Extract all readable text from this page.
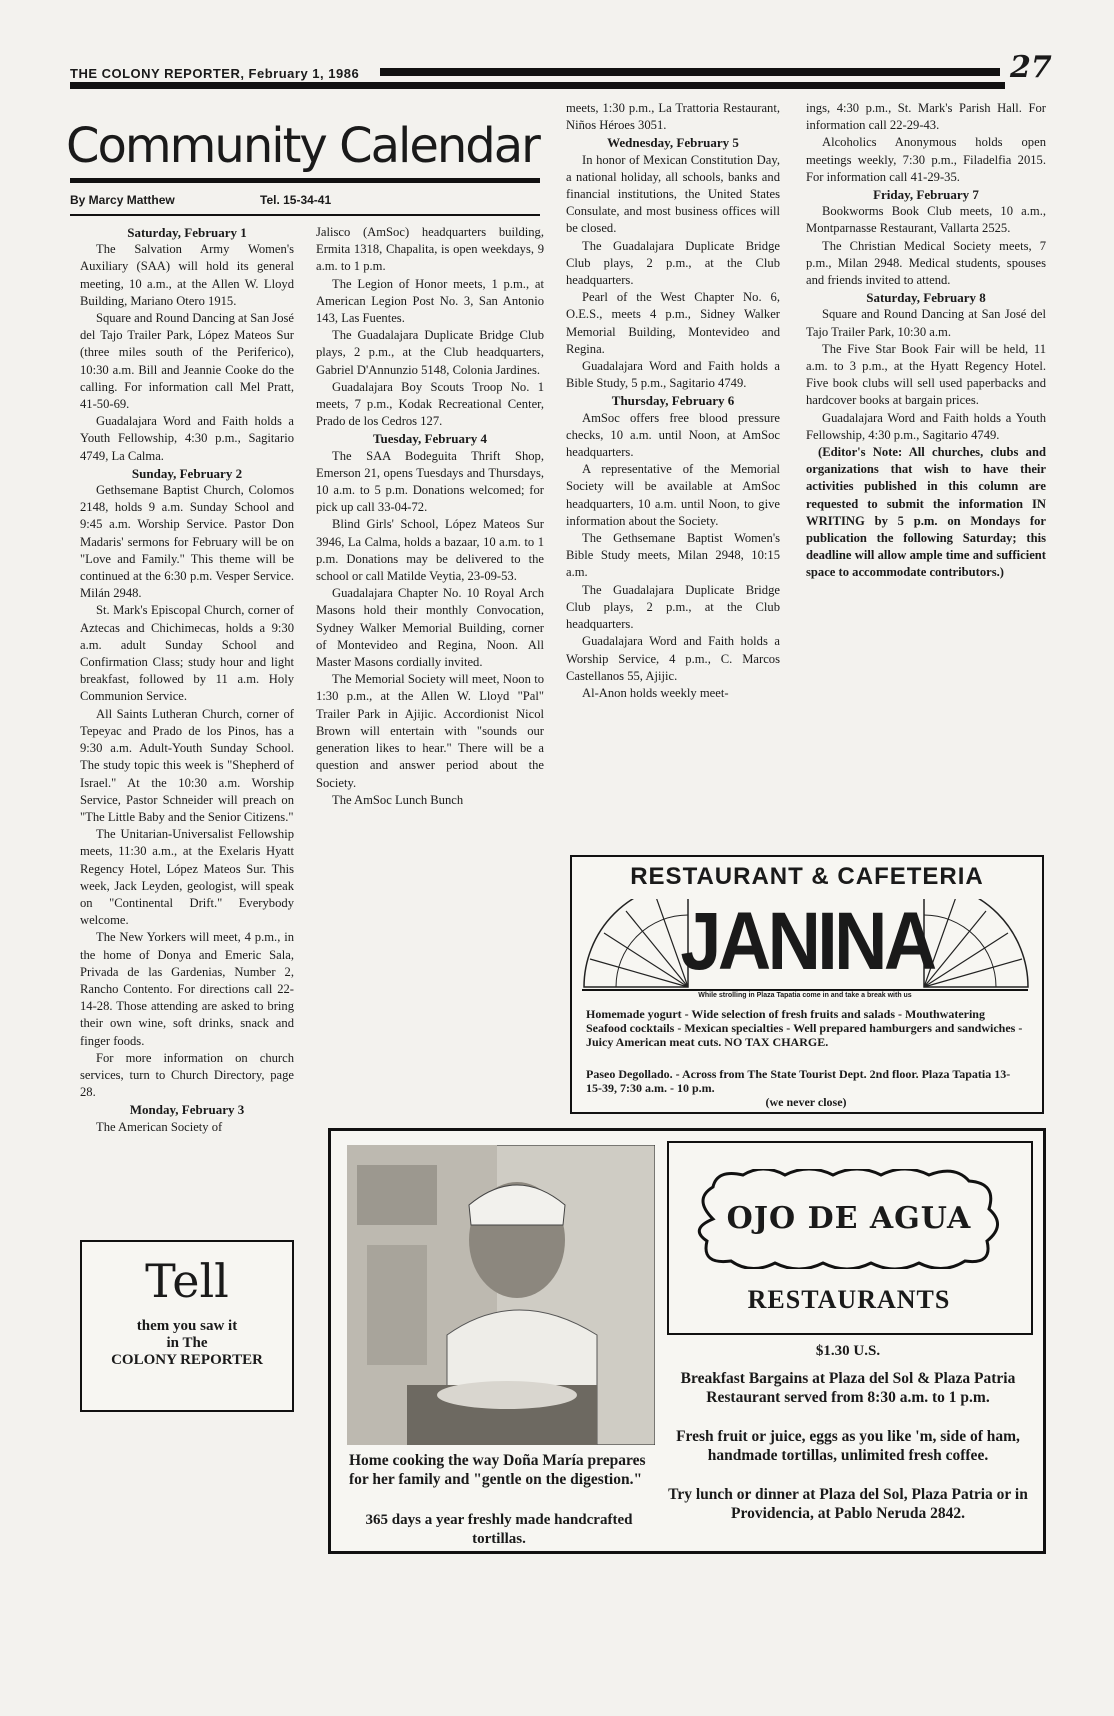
THE COLONY REPORTER, February 1, 1986	27
Community Calendar
By Marcy Matthew	Tel. 15-34-41
Saturday, February 1

The Salvation Army Women's Auxiliary (SAA) will hold its general meeting, 10 a.m., at the Allen W. Lloyd Building, Mariano Otero 1915.

Square and Round Dancing at San José del Tajo Trailer Park, López Mateos Sur (three miles south of the Periferico), 10:30 a.m. Bill and Jeannie Cooke do the calling. For information call Mel Pratt, 41-50-69.

Guadalajara Word and Faith holds a Youth Fellowship, 4:30 p.m., Sagitario 4749, La Calma.

Sunday, February 2

Gethsemane Baptist Church, Colomos 2148, holds 9 a.m. Sunday School and 9:45 a.m. Worship Service. Pastor Don Madaris' sermons for February will be on "Love and Family." This theme will be continued at the 6:30 p.m. Vesper Service. Milán 2948.

St. Mark's Episcopal Church, corner of Aztecas and Chichimecas, holds a 9:30 a.m. adult Sunday School and Confirmation Class; study hour and light breakfast, followed by 11 a.m. Holy Communion Service.

All Saints Lutheran Church, corner of Tepeyac and Prado de los Pinos, has a 9:30 a.m. Adult-Youth Sunday School. The study topic this week is "Shepherd of Israel." At the 10:30 a.m. Worship Service, Pastor Schneider will preach on "The Little Baby and the Senior Citizens."

The Unitarian-Universalist Fellowship meets, 11:30 a.m., at the Exelaris Hyatt Regency Hotel, López Mateos Sur. This week, Jack Leyden, geologist, will speak on "Continental Drift." Everybody welcome.

The New Yorkers will meet, 4 p.m., in the home of Donya and Emeric Sala, Privada de las Gardenias, Number 2, Rancho Contento. For directions call 22-14-28. Those attending are asked to bring their own wine, soft drinks, snack and finger foods.

For more information on church services, turn to Church Directory, page 28.

Monday, February 3

The American Society of

Tell
them you saw it
in The
COLONY REPORTER

Jalisco (AmSoc) headquarters building, Ermita 1318, Chapalita, is open weekdays, 9 a.m. to 1 p.m.

The Legion of Honor meets, 1 p.m., at American Legion Post No. 3, San Antonio 143, Las Fuentes.

The Guadalajara Duplicate Bridge Club plays, 2 p.m., at the Club headquarters, Gabriel D'Annunzio 5148, Colonia Jardines.

Guadalajara Boy Scouts Troop No. 1 meets, 7 p.m., Kodak Recreational Center, Prado de los Cedros 127.

Tuesday, February 4

The SAA Bodeguita Thrift Shop, Emerson 21, opens Tuesdays and Thursdays, 10 a.m. to 5 p.m. Donations welcomed; for pick up call 33-04-72.

Blind Girls' School, López Mateos Sur 3946, La Calma, holds a bazaar, 10 a.m. to 1 p.m. Donations may be delivered to the school or call Matilde Veytia, 23-09-53.

Guadalajara Chapter No. 10 Royal Arch Masons hold their monthly Convocation, Sydney Walker Memorial Building, corner of Montevideo and Regina, Noon. All Master Masons cordially invited.

The Memorial Society will meet, Noon to 1:30 p.m., at the Allen W. Lloyd "Pal" Trailer Park in Ajijic. Accordionist Nicol Brown will entertain with "sounds our generation likes to hear." There will be a question and answer period about the Society.

The AmSoc Lunch Bunch

meets, 1:30 p.m., La Trattoria Restaurant, Niños Héroes 3051.

Wednesday, February 5

In honor of Mexican Constitution Day, a national holiday, all schools, banks and financial institutions, the United States Consulate, and most business offices will be closed.

The Guadalajara Duplicate Bridge Club plays, 2 p.m., at the Club headquarters.

Pearl of the West Chapter No. 6, O.E.S., meets 4 p.m., Sidney Walker Memorial Building, Montevideo and Regina.

Guadalajara Word and Faith holds a Bible Study, 5 p.m., Sagitario 4749.

Thursday, February 6

AmSoc offers free blood pressure checks, 10 a.m. until Noon, at AmSoc headquarters.

A representative of the Memorial Society will be available at AmSoc headquarters, 10 a.m. until Noon, to give information about the Society.

The Gethsemane Baptist Women's Bible Study meets, Milan 2948, 10:15 a.m.

The Guadalajara Duplicate Bridge Club plays, 2 p.m., at the Club headquarters.

Guadalajara Word and Faith holds a Worship Service, 4 p.m., C. Marcos Castellanos 55, Ajijic.

Al-Anon holds weekly meet-

ings, 4:30 p.m., St. Mark's Parish Hall. For information call 22-29-43.

Alcoholics Anonymous holds open meetings weekly, 7:30 p.m., Filadelfia 2015. For information call 41-29-35.

Friday, February 7

Bookworms Book Club meets, 10 a.m., Montparnasse Restaurant, Vallarta 2525.

The Christian Medical Society meets, 7 p.m., Milan 2948. Medical students, spouses and friends invited to attend.

Saturday, February 8

Square and Round Dancing at San José del Tajo Trailer Park, 10:30 a.m.

The Five Star Book Fair will be held, 11 a.m. to 3 p.m., at the Hyatt Regency Hotel. Five book clubs will sell used paperbacks and hardcover books at bargain prices.

Guadalajara Word and Faith holds a Youth Fellowship, 4:30 p.m., Sagitario 4749.

(Editor's Note: All churches, clubs and organizations that wish to have their activities published in this column are requested to submit the information IN WRITING by 5 p.m. on Mondays for publication the following Saturday; this deadline will allow ample time and sufficient space to accommodate contributors.)

RESTAURANT & CAFETERIA
JANINA
While strolling in Plaza Tapatia come in and take a break with us
Homemade yogurt - Wide selection of fresh fruits and salads - Mouthwatering Seafood cocktails - Mexican specialties - Well prepared hamburgers and sandwiches - Juicy American meat cuts. NO TAX CHARGE.
Paseo Degollado. - Across from The State Tourist Dept. 2nd floor. Plaza Tapatia 13-15-39, 7:30 a.m. - 10 p.m.
(we never close)
Home cooking the way Doña María prepares for her family and "gentle on the digestion."
365 days a year freshly made handcrafted tortillas.
OJO DE AGUA
RESTAURANTS
$1.30 U.S.
Breakfast Bargains at Plaza del Sol & Plaza Patria Restaurant served from 8:30 a.m. to 1 p.m.
Fresh fruit or juice, eggs as you like 'm, side of ham, handmade tortillas, unlimited fresh coffee.
Try lunch or dinner at Plaza del Sol, Plaza Patria or in Providencia, at Pablo Neruda 2842.
